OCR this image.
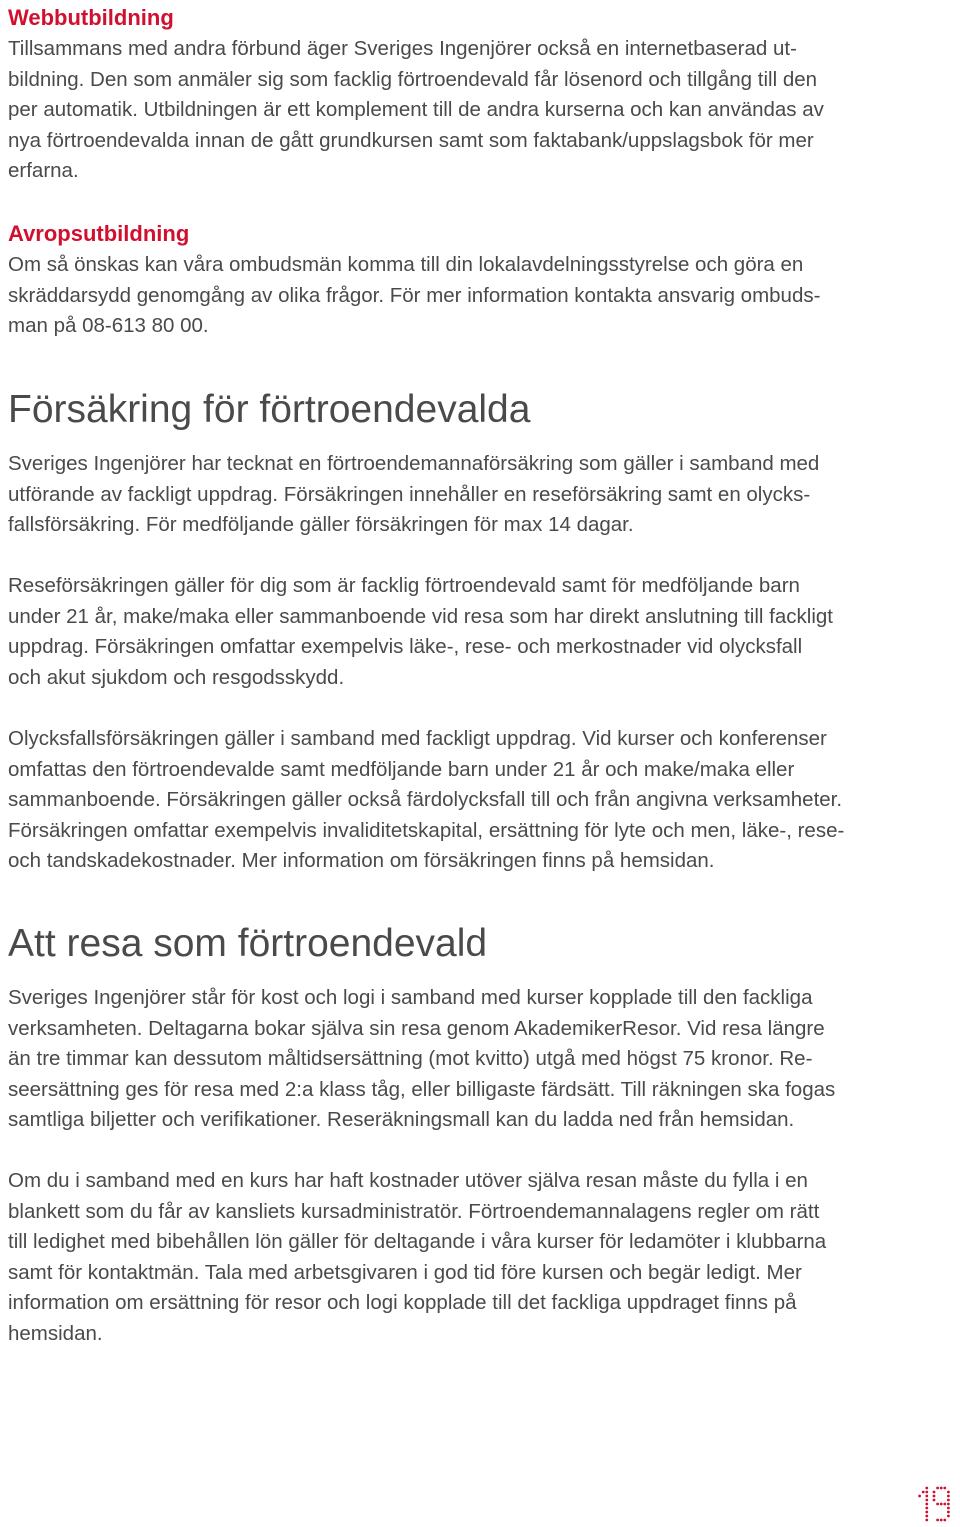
Webbutbildning

Tillsammans med andra förbund äger Sveriges Ingenjörer också en internetbaserad ut-
bildning. Den som anmäler sig som facklig förtroendevald får lösenord och tillgång till den
per automatik. Utbildningen är ett komplement till de andra kurserna och kan användas av
nya förtroendevalda innan de gått grundkursen samt som faktabank/uppslagsbok för mer
erfarna.

Avropsutbildning

Om så önskas kan våra ombudsmän komma till din lokalavdelningsstyrelse och göra en
skräddarsydd genomgång av olika frågor. För mer information kontakta ansvarig ombuds-
man på 08-613 80 00.

Försäkring för förtroendevalda

Sveriges Ingenjörer har tecknat en förtroendemannaförsäkring som gäller i samband med
utförande av fackligt uppdrag. Försäkringen innehåller en reseförsäkring samt en olycks-
fallsförsäkring. För medföljande gäller försäkringen för max 14 dagar.

Reseförsäkringen gäller för dig som är facklig förtroendevald samt för medföljande barn
under 21 år, make/maka eller sammanboende vid resa som har direkt anslutning till fackligt
uppdrag. Försäkringen omfattar exempelvis läke-, rese- och merkostnader vid olycksfall
och akut sjukdom och resgodsskydd.

Olycksfallsförsäkringen gäller i samband med fackligt uppdrag. Vid kurser och konferenser
omfattas den förtroendevalde samt medföljande barn under 21 år och make/maka eller
sammanboende. Försäkringen gäller också färdolycksfall till och från angivna verksamheter.
Försäkringen omfattar exempelvis invaliditetskapital, ersättning för lyte och men, läke-, rese-
och tandskadekostnader. Mer information om försäkringen finns på hemsidan.

Att resa som förtroendevald

Sveriges Ingenjörer står för kost och logi i samband med kurser kopplade till den fackliga
verksamheten. Deltagarna bokar själva sin resa genom AkademikerResor. Vid resa längre
än tre timmar kan dessutom måltidsersättning (mot kvitto) utgå med högst 75 kronor. Re-
seersättning ges för resa med 2:a klass tåg, eller billigaste färdsätt. Till räkningen ska fogas
samtliga biljetter och verifikationer. Reseräkningsmall kan du ladda ned från hemsidan.

Om du i samband med en kurs har haft kostnader utöver själva resan måste du fylla i en
blankett som du får av kansliets kursadministratör. Förtroendemannalagens regler om rätt
till ledighet med bibehållen lön gäller för deltagande i våra kurser för ledamöter i klubbarna
samt för kontaktmän. Tala med arbetsgivaren i god tid före kursen och begär ledigt. Mer
information om ersättning för resor och logi kopplade till det fackliga uppdraget finns på
hemsidan.
